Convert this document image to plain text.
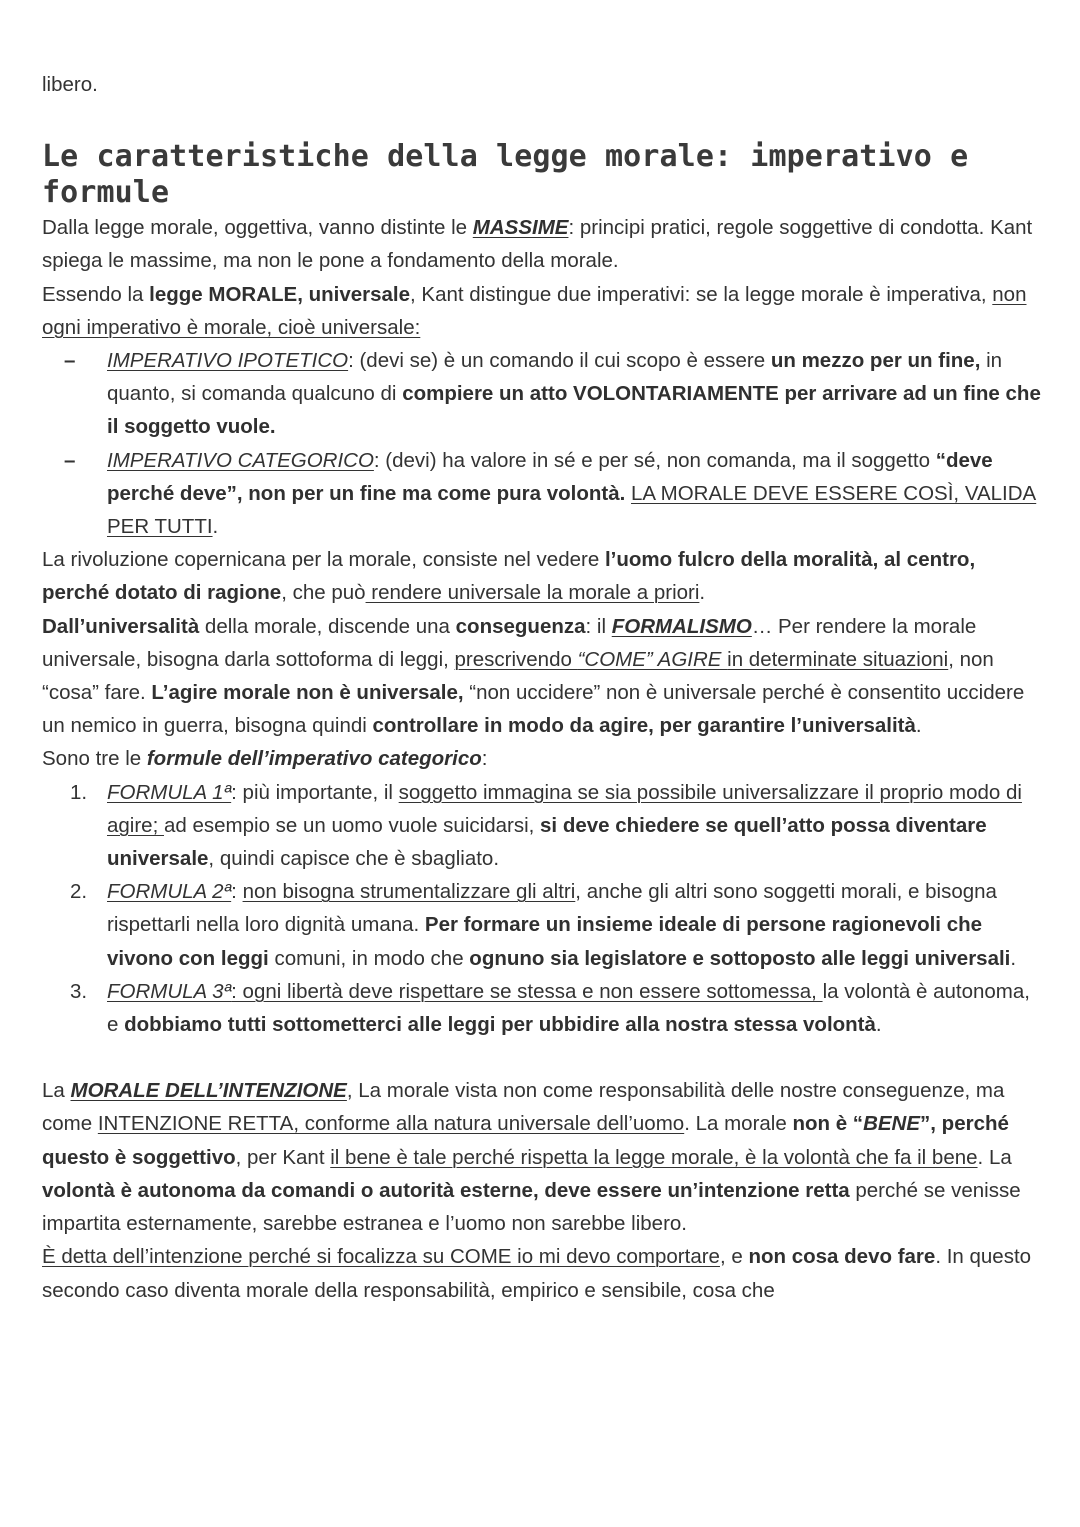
libero.

Le caratteristiche della legge morale: imperativo e formule

Dalla legge morale, oggettiva, vanno distinte le MASSIME: principi pratici, regole soggettive di condotta. Kant spiega le massime, ma non le pone a fondamento della morale.

Essendo la legge MORALE, universale, Kant distingue due imperativi: se la legge morale è imperativa, non ogni imperativo è morale, cioè universale:

– IMPERATIVO IPOTETICO: (devi se) è un comando il cui scopo è essere un mezzo per un fine, in quanto, si comanda qualcuno di compiere un atto VOLONTARIAMENTE per arrivare ad un fine che il soggetto vuole.
– IMPERATIVO CATEGORICO: (devi) ha valore in sé e per sé, non comanda, ma il soggetto “deve perché deve”, non per un fine ma come pura volontà. LA MORALE DEVE ESSERE COSÌ, VALIDA PER TUTTI.

La rivoluzione copernicana per la morale, consiste nel vedere l’uomo fulcro della moralità, al centro, perché dotato di ragione, che può rendere universale la morale a priori.

Dall’universalità della morale, discende una conseguenza: il FORMALISMO… Per rendere la morale universale, bisogna darla sottoforma di leggi, prescrivendo “COME” AGIRE in determinate situazioni, non “cosa” fare. L’agire morale non è universale, “non uccidere” non è universale perché è consentito uccidere un nemico in guerra, bisogna quindi controllare in modo da agire, per garantire l’universalità.

Sono tre le formule dell’imperativo categorico:

1. FORMULA 1ª: più importante, il soggetto immagina se sia possibile universalizzare il proprio modo di agire; ad esempio se un uomo vuole suicidarsi, si deve chiedere se quell’atto possa diventare universale, quindi capisce che è sbagliato.
2. FORMULA 2ª: non bisogna strumentalizzare gli altri, anche gli altri sono soggetti morali, e bisogna rispettarli nella loro dignità umana. Per formare un insieme ideale di persone ragionevoli che vivono con leggi comuni, in modo che ognuno sia legislatore e sottoposto alle leggi universali.
3. FORMULA 3ª: ogni libertà deve rispettare se stessa e non essere sottomessa, la volontà è autonoma, e dobbiamo tutti sottometterci alle leggi per ubbidire alla nostra stessa volontà.

La MORALE DELL’INTENZIONE, La morale vista non come responsabilità delle nostre conseguenze, ma come INTENZIONE RETTA, conforme alla natura universale dell’uomo. La morale non è “BENE”, perché questo è soggettivo, per Kant il bene è tale perché rispetta la legge morale, è la volontà che fa il bene. La volontà è autonoma da comandi o autorità esterne, deve essere un’intenzione retta perché se venisse impartita esternamente, sarebbe estranea e l’uomo non sarebbe libero.

È detta dell’intenzione perché si focalizza su COME io mi devo comportare, e non cosa devo fare. In questo secondo caso diventa morale della responsabilità, empirico e sensibile, cosa che
